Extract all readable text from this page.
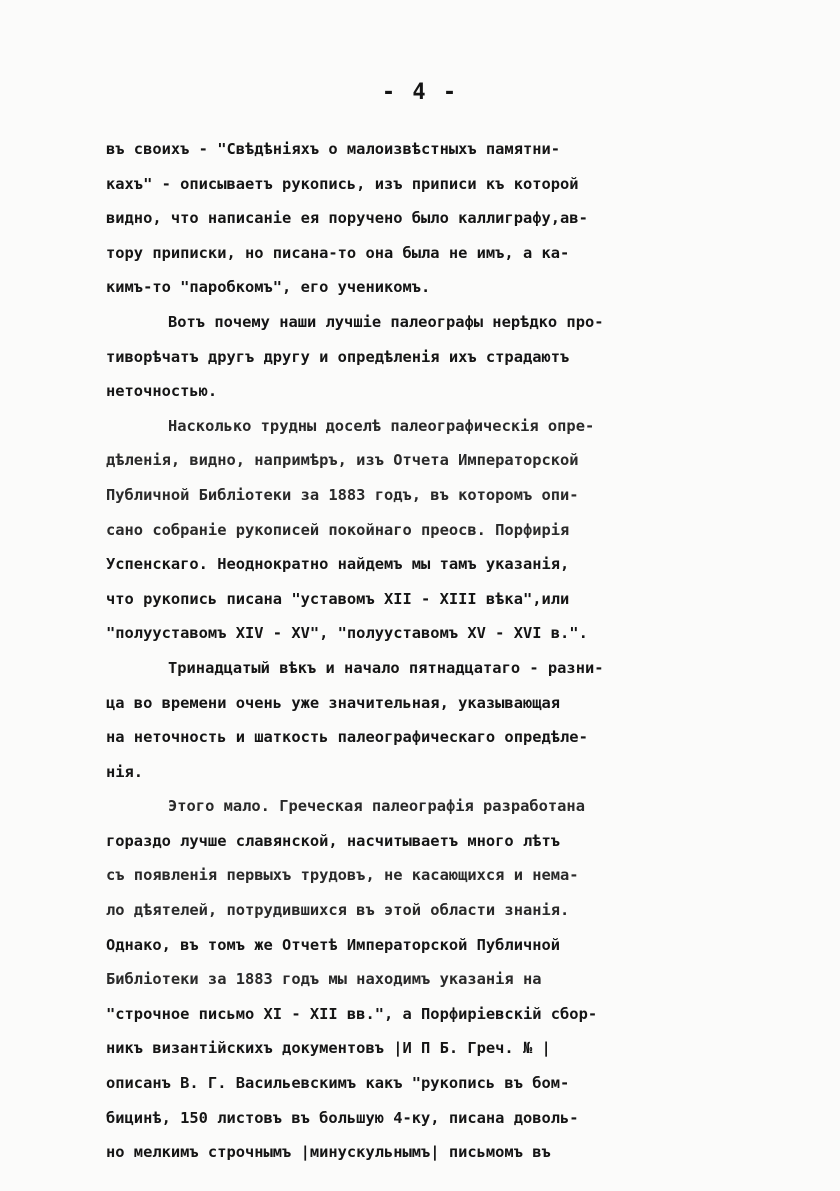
- 4 -
въ своихъ - "Свѣдѣніяхъ о малоизвѣстныхъ памятни-
кахъ" - описываетъ рукопись, изъ приписи къ которой
видно, что написаніе ея поручено было каллиграфу,ав-
тору приписки, но писана-то она была не имъ, а ка-
кимъ-то "паробкомъ", его ученикомъ.
Вотъ почему наши лучшіе палеографы нерѣдко про-
тиворѣчатъ другъ другу и опредѣленія ихъ страдаютъ
неточностью.
Насколько трудны доселѣ палеографическія опре-
дѣленія, видно, напримѣръ, изъ Отчета Императорской
Публичной Библіотеки за 1883 годъ, въ которомъ опи-
сано собраніе рукописей покойнаго преосв. Порфирія
Успенскаго. Неоднократно найдемъ мы тамъ указанія,
что рукопись писана "уставомъ XII - XIII вѣка",или
"полууставомъ XIV - XV", "полууставомъ XV - XVI в.".
Тринадцатый вѣкъ и начало пятнадцатаго - разни-
ца во времени очень уже значительная, указывающая
на неточность и шаткость палеографическаго опредѣле-
нія.
Этого мало. Греческая палеографія разработана
гораздо лучше славянской, насчитываетъ много лѣтъ
съ появленія первыхъ трудовъ, не касающихся и нема-
ло дѣятелей, потрудившихся въ этой области знанія.
Однако, въ томъ же Отчетѣ Императорской Публичной
Библіотеки за 1883 годъ мы находимъ указанія на
"строчное письмо XI - XII вв.", а Порфиріевскій сбор-
никъ византійскихъ документовъ |И П Б. Греч. № |
описанъ В. Г. Васильевскимъ какъ "рукопись въ бом-
бицинѣ, 150 листовъ въ большую 4-ку, писана доволь-
но мелкимъ строчнымъ |минускульнымъ| письмомъ въ
